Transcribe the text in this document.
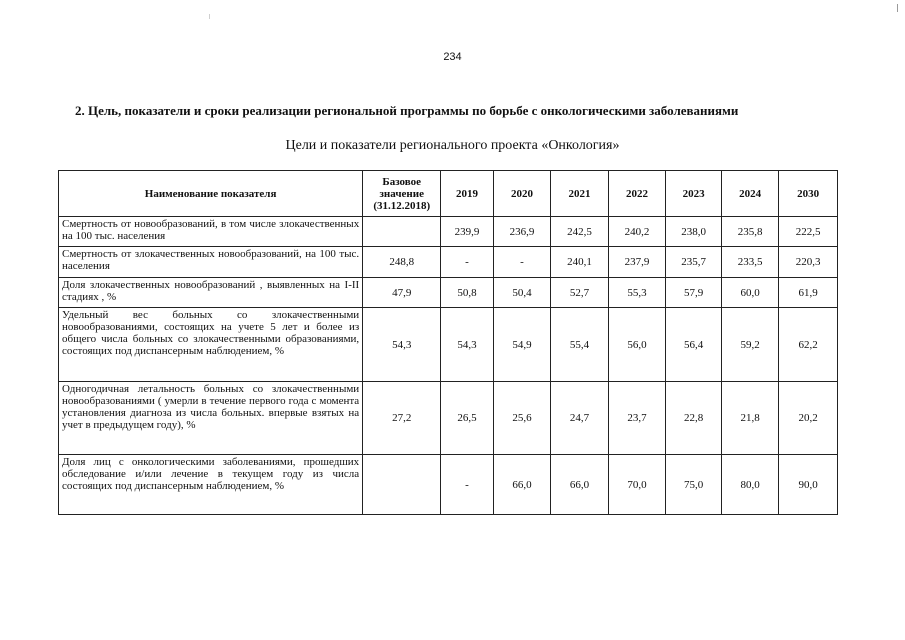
234
2. Цель, показатели и сроки реализации региональной программы по борьбе с онкологическими заболеваниями
Цели и показатели регионального проекта «Онкология»
Наименование показателя	Базовое значение (31.12.2018)	2019	2020	2021	2022	2023	2024	2030
Смертность от новообразований, в том числе злокачественных на 100 тыс. населения		239,9	236,9	242,5	240,2	238,0	235,8	222,5
Смертность от злокачественных новообразований, на 100 тыс. населения	248,8	-	-	240,1	237,9	235,7	233,5	220,3
Доля злокачественных новообразований , выявленных на I-II стадиях , %	47,9	50,8	50,4	52,7	55,3	57,9	60,0	61,9
Удельный вес больных со злокачественными новообразованиями, состоящих на учете 5 лет и более из общего числа больных со злокачественными образованиями, состоящих под диспансерным наблюдением, %	54,3	54,3	54,9	55,4	56,0	56,4	59,2	62,2
Одногодичная летальность больных со злокачественными новообразованиями ( умерли в течение первого года с момента установления диагноза из числа больных. впервые взятых на учет в предыдущем году), %	27,2	26,5	25,6	24,7	23,7	22,8	21,8	20,2
Доля лиц с онкологическими заболеваниями, прошедших обследование и/или лечение в текущем году из числа состоящих под диспансерным наблюдением, %		-	66,0	66,0	70,0	75,0	80,0	90,0
